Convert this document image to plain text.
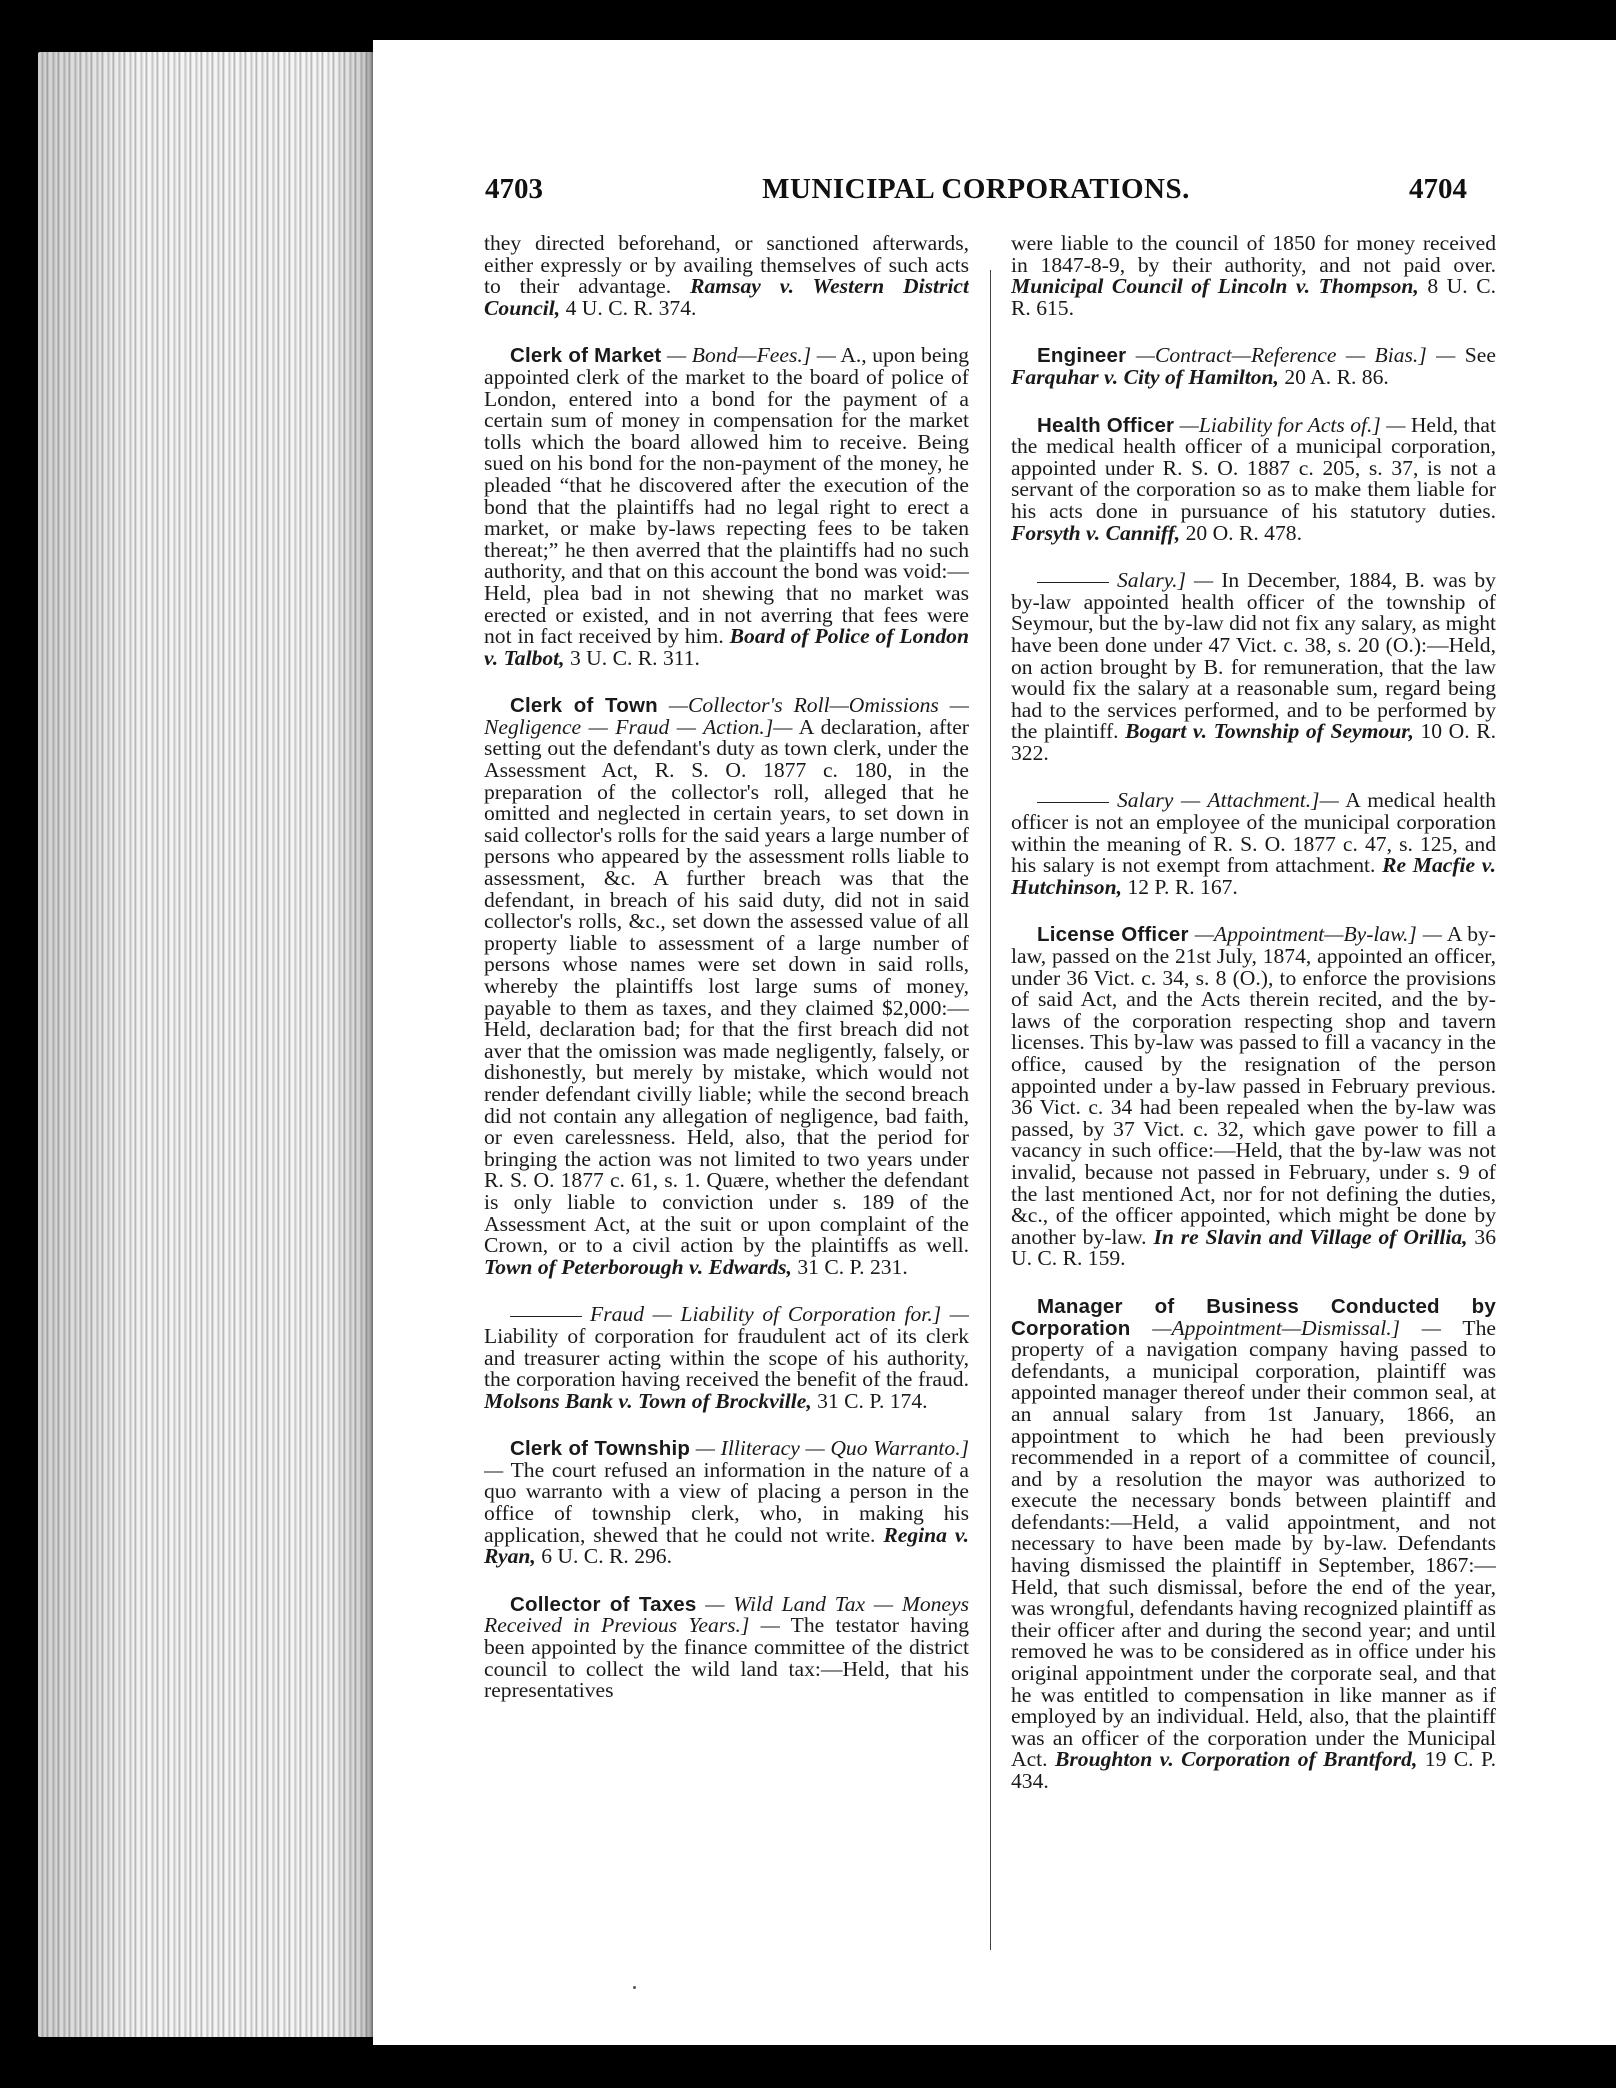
4703	MUNICIPAL CORPORATIONS.	4704

they directed beforehand, or sanctioned afterwards, either expressly or by availing themselves of such acts to their advantage. Ramsay v. Western District Council, 4 U. C. R. 374.

Clerk of Market — Bond—Fees.] — A., upon being appointed clerk of the market to the board of police of London, entered into a bond for the payment of a certain sum of money in compensation for the market tolls which the board allowed him to receive. Being sued on his bond for the non-payment of the money, he pleaded “that he discovered after the execution of the bond that the plaintiffs had no legal right to erect a market, or make by-laws repecting fees to be taken thereat;” he then averred that the plaintiffs had no such authority, and that on this account the bond was void:—Held, plea bad in not shewing that no market was erected or existed, and in not averring that fees were not in fact received by him. Board of Police of London v. Talbot, 3 U. C. R. 311.

Clerk of Town —Collector's Roll—Omissions — Negligence — Fraud — Action.]— A declaration, after setting out the defendant's duty as town clerk, under the Assessment Act, R. S. O. 1877 c. 180, in the preparation of the collector's roll, alleged that he omitted and neglected in certain years, to set down in said collector's rolls for the said years a large number of persons who appeared by the assessment rolls liable to assessment, &c. A further breach was that the defendant, in breach of his said duty, did not in said collector's rolls, &c., set down the assessed value of all property liable to assessment of a large number of persons whose names were set down in said rolls, whereby the plaintiffs lost large sums of money, payable to them as taxes, and they claimed $2,000:—Held, declaration bad; for that the first breach did not aver that the omission was made negligently, falsely, or dishonestly, but merely by mistake, which would not render defendant civilly liable; while the second breach did not contain any allegation of negligence, bad faith, or even carelessness. Held, also, that the period for bringing the action was not limited to two years under R. S. O. 1877 c. 61, s. 1. Quære, whether the defendant is only liable to conviction under s. 189 of the Assessment Act, at the suit or upon complaint of the Crown, or to a civil action by the plaintiffs as well. Town of Peterborough v. Edwards, 31 C. P. 231.

Fraud — Liability of Corporation for.] — Liability of corporation for fraudulent act of its clerk and treasurer acting within the scope of his authority, the corporation having received the benefit of the fraud. Molsons Bank v. Town of Brockville, 31 C. P. 174.

Clerk of Township — Illiteracy — Quo Warranto.]— The court refused an information in the nature of a quo warranto with a view of placing a person in the office of township clerk, who, in making his application, shewed that he could not write. Regina v. Ryan, 6 U. C. R. 296.

Collector of Taxes — Wild Land Tax — Moneys Received in Previous Years.] — The testator having been appointed by the finance committee of the district council to collect the wild land tax:—Held, that his representatives

were liable to the council of 1850 for money received in 1847-8-9, by their authority, and not paid over. Municipal Council of Lincoln v. Thompson, 8 U. C. R. 615.

Engineer —Contract—Reference — Bias.] — See Farquhar v. City of Hamilton, 20 A. R. 86.

Health Officer —Liability for Acts of.] — Held, that the medical health officer of a municipal corporation, appointed under R. S. O. 1887 c. 205, s. 37, is not a servant of the corporation so as to make them liable for his acts done in pursuance of his statutory duties. Forsyth v. Canniff, 20 O. R. 478.

Salary.] — In December, 1884, B. was by by-law appointed health officer of the township of Seymour, but the by-law did not fix any salary, as might have been done under 47 Vict. c. 38, s. 20 (O.):—Held, on action brought by B. for remuneration, that the law would fix the salary at a reasonable sum, regard being had to the services performed, and to be performed by the plaintiff. Bogart v. Township of Seymour, 10 O. R. 322.

Salary — Attachment.]— A medical health officer is not an employee of the municipal corporation within the meaning of R. S. O. 1877 c. 47, s. 125, and his salary is not exempt from attachment. Re Macfie v. Hutchinson, 12 P. R. 167.

License Officer —Appointment—By-law.] — A by-law, passed on the 21st July, 1874, appointed an officer, under 36 Vict. c. 34, s. 8 (O.), to enforce the provisions of said Act, and the Acts therein recited, and the by-laws of the corporation respecting shop and tavern licenses. This by-law was passed to fill a vacancy in the office, caused by the resignation of the person appointed under a by-law passed in February previous. 36 Vict. c. 34 had been repealed when the by-law was passed, by 37 Vict. c. 32, which gave power to fill a vacancy in such office:—Held, that the by-law was not invalid, because not passed in February, under s. 9 of the last mentioned Act, nor for not defining the duties, &c., of the officer appointed, which might be done by another by-law. In re Slavin and Village of Orillia, 36 U. C. R. 159.

Manager of Business Conducted by Corporation —Appointment—Dismissal.] — The property of a navigation company having passed to defendants, a municipal corporation, plaintiff was appointed manager thereof under their common seal, at an annual salary from 1st January, 1866, an appointment to which he had been previously recommended in a report of a committee of council, and by a resolution the mayor was authorized to execute the necessary bonds between plaintiff and defendants:—Held, a valid appointment, and not necessary to have been made by by-law. Defendants having dismissed the plaintiff in September, 1867:—Held, that such dismissal, before the end of the year, was wrongful, defendants having recognized plaintiff as their officer after and during the second year; and until removed he was to be considered as in office under his original appointment under the corporate seal, and that he was entitled to compensation in like manner as if employed by an individual. Held, also, that the plaintiff was an officer of the corporation under the Municipal Act. Broughton v. Corporation of Brantford, 19 C. P. 434.
